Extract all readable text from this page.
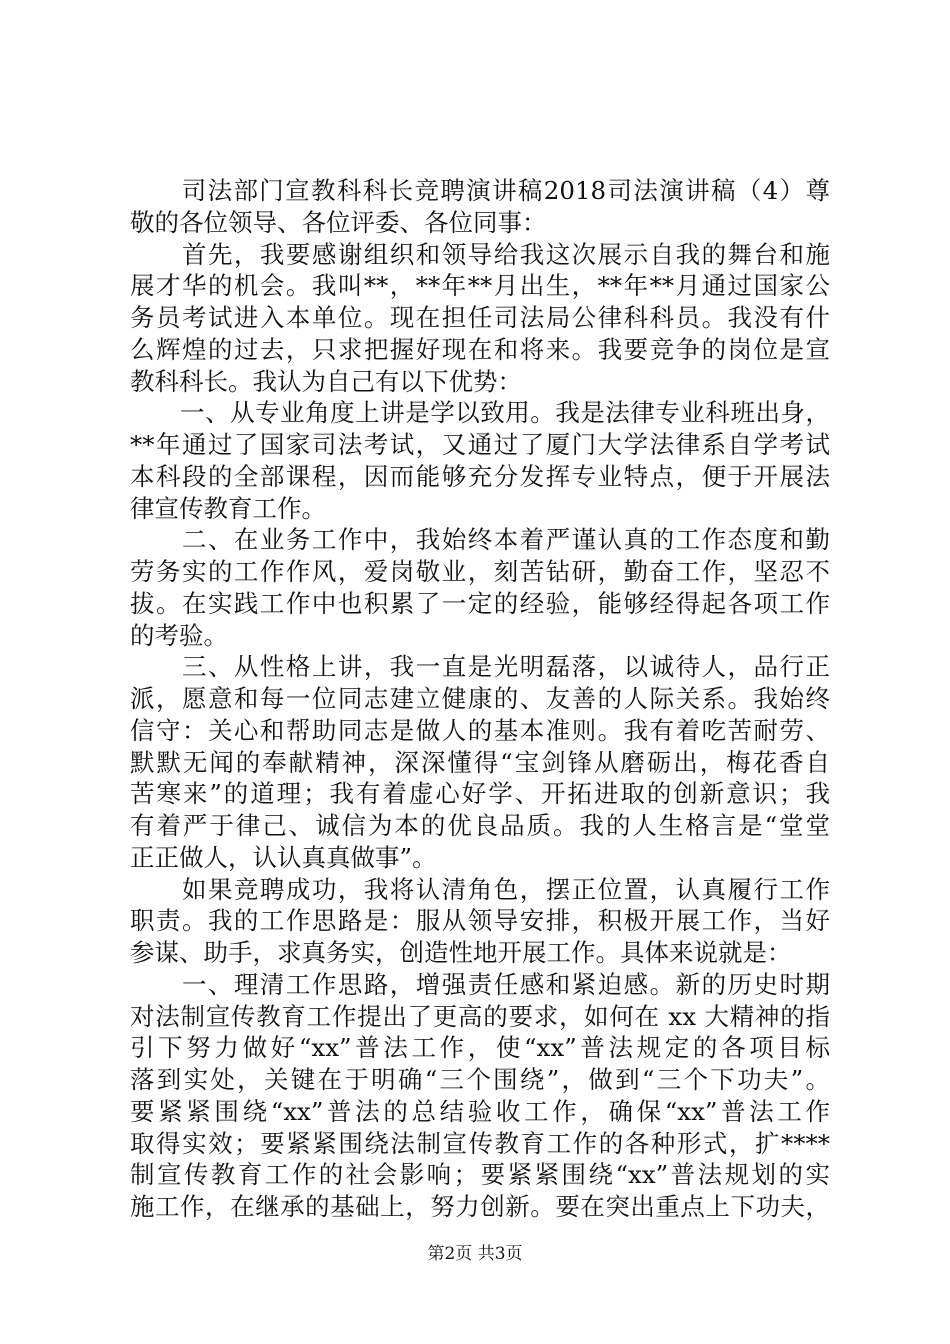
　　司法部门宣教科科长竞聘演讲稿2018司法演讲稿（4）尊
敬的各位领导、各位评委、各位同事：
　　首先，我要感谢组织和领导给我这次展示自我的舞台和施
展才华的机会。我叫**，**年**月出生，**年**月通过国家公
务员考试进入本单位。现在担任司法局公律科科员。我没有什
么辉煌的过去，只求把握好现在和将来。我要竞争的岗位是宣
教科科长。我认为自己有以下优势：
　　一、从专业角度上讲是学以致用。我是法律专业科班出身，
**年通过了国家司法考试，又通过了厦门大学法律系自学考试
本科段的全部课程，因而能够充分发挥专业特点，便于开展法
律宣传教育工作。
　　二、在业务工作中，我始终本着严谨认真的工作态度和勤
劳务实的工作作风，爱岗敬业，刻苦钻研，勤奋工作，坚忍不
拔。在实践工作中也积累了一定的经验，能够经得起各项工作
的考验。
　　三、从性格上讲，我一直是光明磊落，以诚待人，品行正
派，愿意和每一位同志建立健康的、友善的人际关系。我始终
信守：关心和帮助同志是做人的基本准则。我有着吃苦耐劳、
默默无闻的奉献精神，深深懂得“宝剑锋从磨砺出，梅花香自
苦寒来”的道理；我有着虚心好学、开拓进取的创新意识；我
有着严于律己、诚信为本的优良品质。我的人生格言是“堂堂
正正做人，认认真真做事”。
　　如果竞聘成功，我将认清角色，摆正位置，认真履行工作
职责。我的工作思路是：服从领导安排，积极开展工作，当好
参谋、助手，求真务实，创造性地开展工作。具体来说就是：
　　一、理清工作思路，增强责任感和紧迫感。新的历史时期
对法制宣传教育工作提出了更高的要求，如何在 xx 大精神的指
引下努力做好“xx”普法工作，使“xx”普法规定的各项目标
落到实处，关键在于明确“三个围绕”，做到“三个下功夫”。
要紧紧围绕“xx”普法的总结验收工作，确保“xx”普法工作
取得实效；要紧紧围绕法制宣传教育工作的各种形式，扩****
制宣传教育工作的社会影响；要紧紧围绕“xx”普法规划的实
施工作，在继承的基础上，努力创新。要在突出重点上下功夫，
第2页 共3页
